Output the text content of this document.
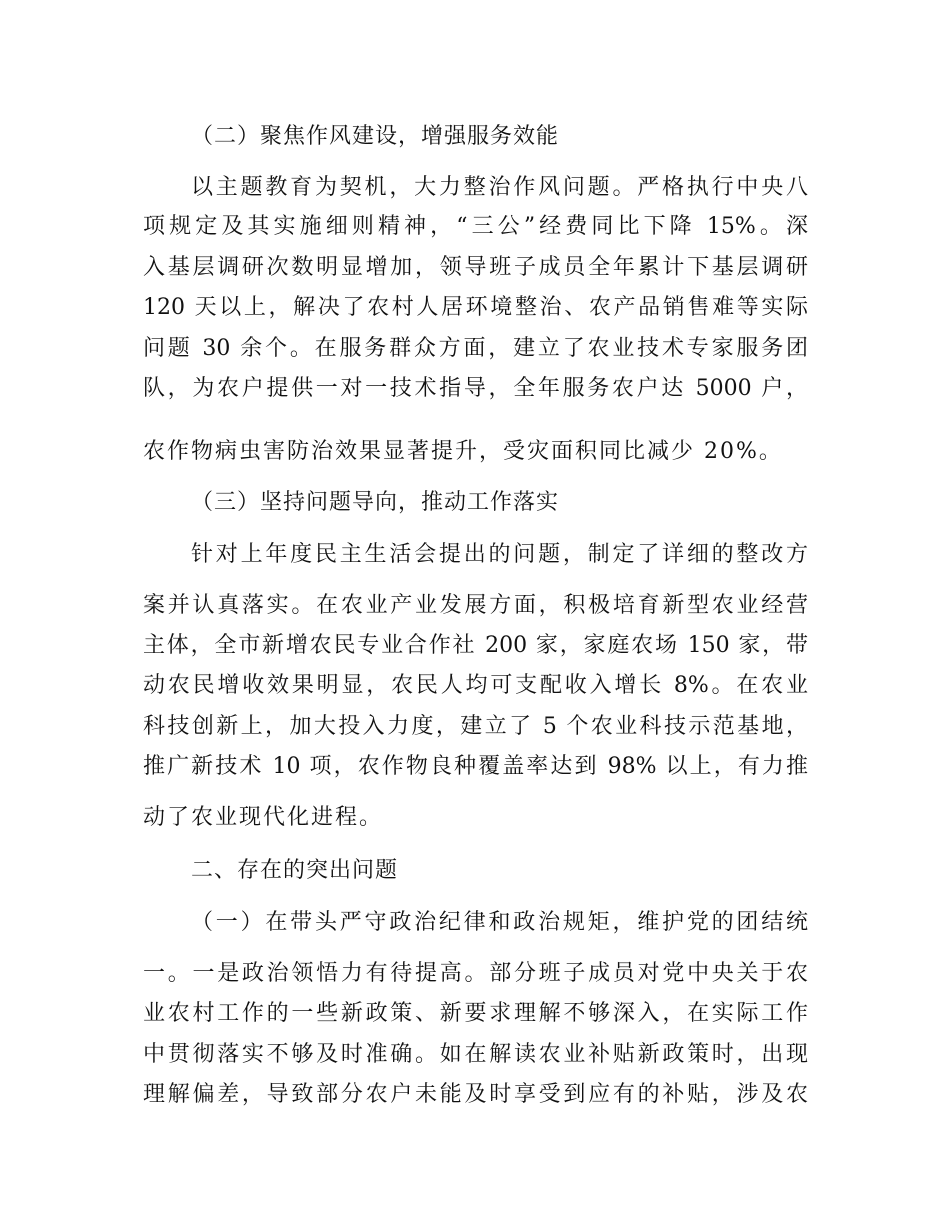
（二）聚焦作风建设，增强服务效能
以主题教育为契机，大力整治作风问题。严格执行中央八
项规定及其实施细则精神，“三公”经费同比下降 15%。深
入基层调研次数明显增加，领导班子成员全年累计下基层调研
120 天以上，解决了农村人居环境整治、农产品销售难等实际
问题 30 余个。在服务群众方面，建立了农业技术专家服务团
队，为农户提供一对一技术指导，全年服务农户达 5000 户，
农作物病虫害防治效果显著提升，受灾面积同比减少 20%。
（三）坚持问题导向，推动工作落实
针对上年度民主生活会提出的问题，制定了详细的整改方
案并认真落实。在农业产业发展方面，积极培育新型农业经营
主体，全市新增农民专业合作社 200 家，家庭农场 150 家，带
动农民增收效果明显，农民人均可支配收入增长 8%。在农业
科技创新上，加大投入力度，建立了 5 个农业科技示范基地，
推广新技术 10 项，农作物良种覆盖率达到 98% 以上，有力推
动了农业现代化进程。
二、存在的突出问题
（一）在带头严守政治纪律和政治规矩，维护党的团结统
一。一是政治领悟力有待提高。部分班子成员对党中央关于农
业农村工作的一些新政策、新要求理解不够深入，在实际工作
中贯彻落实不够及时准确。如在解读农业补贴新政策时，出现
理解偏差，导致部分农户未能及时享受到应有的补贴，涉及农
